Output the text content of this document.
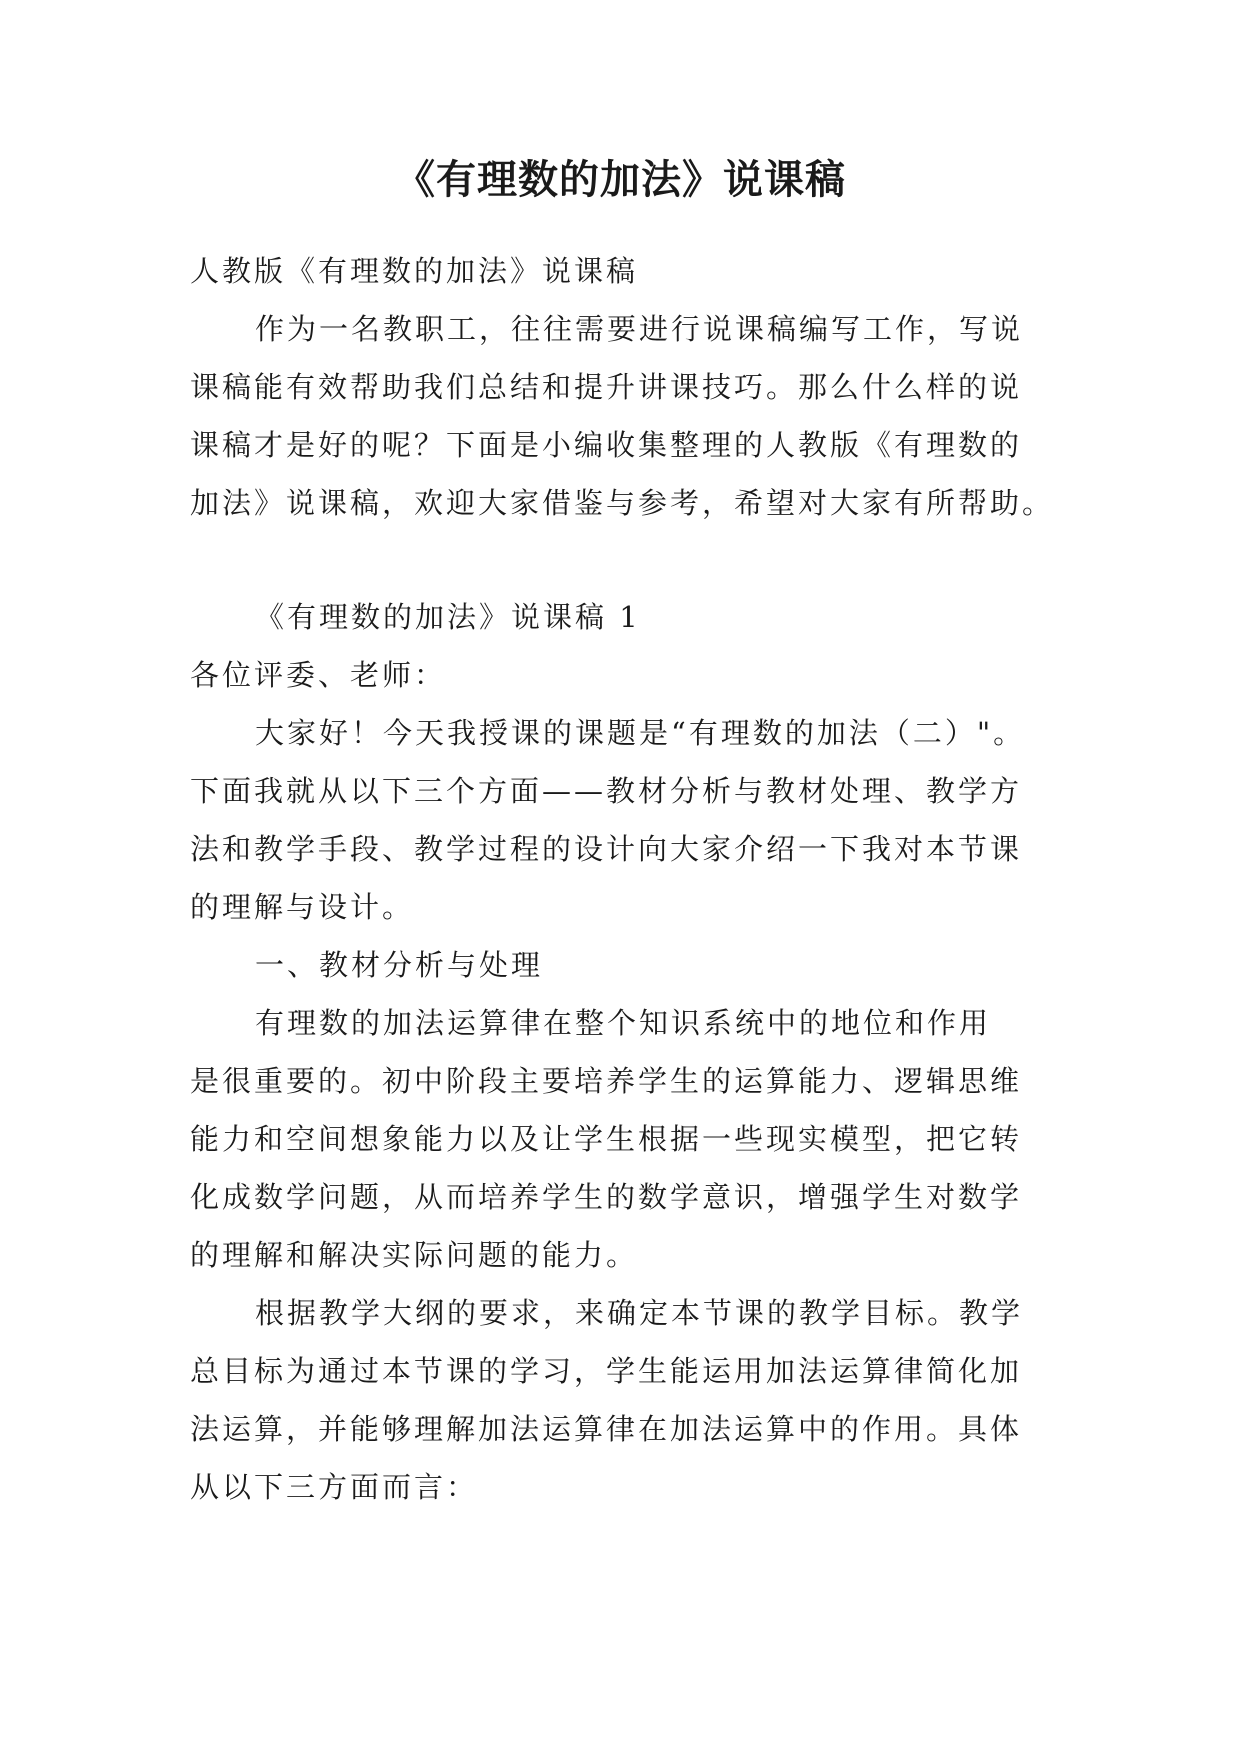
《有理数的加法》说课稿
人教版《有理数的加法》说课稿
作为一名教职工，往往需要进行说课稿编写工作，写说
课稿能有效帮助我们总结和提升讲课技巧。那么什么样的说
课稿才是好的呢？下面是小编收集整理的人教版《有理数的
加法》说课稿，欢迎大家借鉴与参考，希望对大家有所帮助。
《有理数的加法》说课稿 1
各位评委、老师：
大家好！今天我授课的课题是“有理数的加法（二）"。
下面我就从以下三个方面——教材分析与教材处理、教学方
法和教学手段、教学过程的设计向大家介绍一下我对本节课
的理解与设计。
一、教材分析与处理
有理数的加法运算律在整个知识系统中的地位和作用
是很重要的。初中阶段主要培养学生的运算能力、逻辑思维
能力和空间想象能力以及让学生根据一些现实模型，把它转
化成数学问题，从而培养学生的数学意识，增强学生对数学
的理解和解决实际问题的能力。
根据教学大纲的要求，来确定本节课的教学目标。教学
总目标为通过本节课的学习，学生能运用加法运算律简化加
法运算，并能够理解加法运算律在加法运算中的作用。具体
从以下三方面而言：
